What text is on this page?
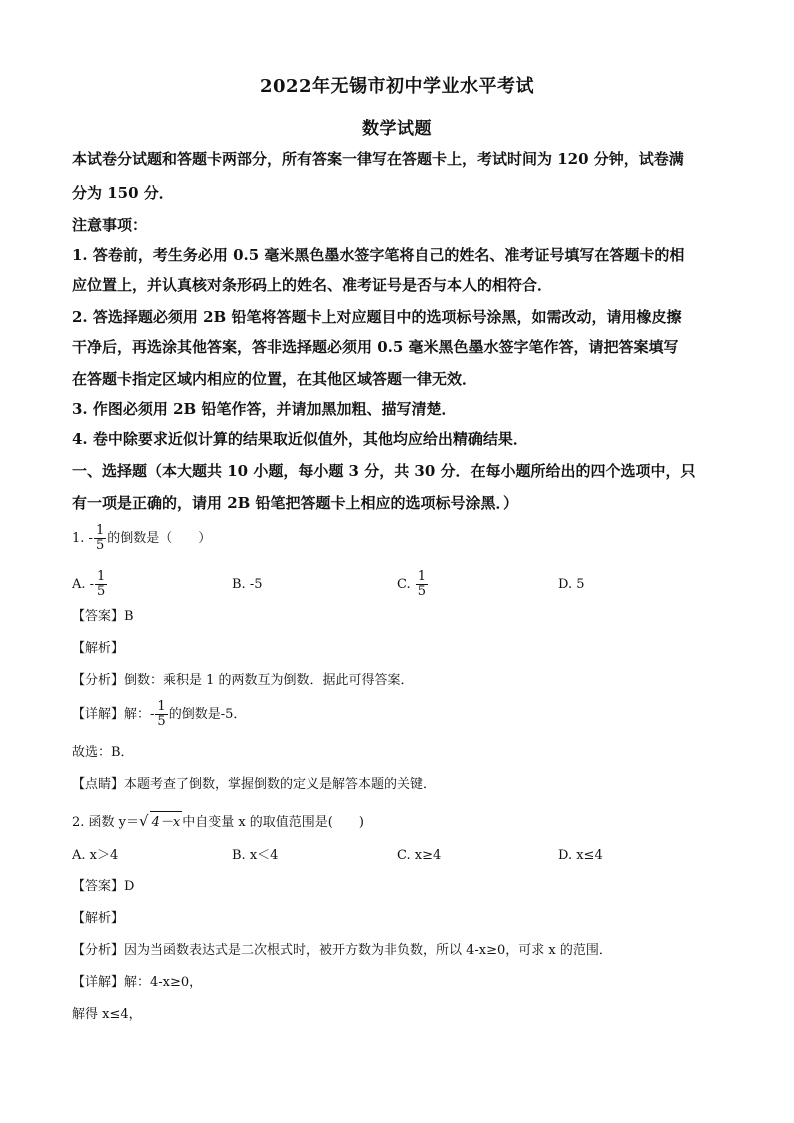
2022年无锡市初中学业水平考试
数学试题
本试卷分试题和答题卡两部分，所有答案一律写在答题卡上，考试时间为 120 分钟，试卷满
分为 150 分．
注意事项：
1. 答卷前，考生务必用 0.5 毫米黑色墨水签字笔将自己的姓名、准考证号填写在答题卡的相
应位置上，并认真核对条形码上的姓名、准考证号是否与本人的相符合．
2. 答选择题必须用 2B 铅笔将答题卡上对应题目中的选项标号涂黑，如需改动，请用橡皮擦
干净后，再选涂其他答案，答非选择题必须用 0.5 毫米黑色墨水签字笔作答，请把答案填写
在答题卡指定区域内相应的位置，在其他区域答题一律无效．
3. 作图必须用 2B 铅笔作答，并请加黑加粗、描写清楚．
4. 卷中除要求近似计算的结果取近似值外，其他均应给出精确结果．
一、选择题（本大题共 10 小题，每小题 3 分，共 30 分．在每小题所给出的四个选项中，只
有一项是正确的，请用 2B 铅笔把答题卡上相应的选项标号涂黑．）
1. - $\frac{1}{5}$ 的倒数是（　　）
A. - $\frac{1}{5}$	B. -5	C. $\frac{1}{5}$	D. 5
【答案】B
【解析】
【分析】倒数：乘积是 1 的两数互为倒数．据此可得答案．
【详解】解：- $\frac{1}{5}$ 的倒数是-5．
故选：B．
【点睛】本题考查了倒数，掌握倒数的定义是解答本题的关键．
2. 函数 y＝√ 4－x 中自变量 x 的取值范围是(　　)
A. x＞4	B. x＜4	C. x≥4	D. x≤4
【答案】D
【解析】
【分析】因为当函数表达式是二次根式时，被开方数为非负数，所以 4-x≥0，可求 x 的范围．
【详解】解：4-x≥0，
解得 x≤4，
